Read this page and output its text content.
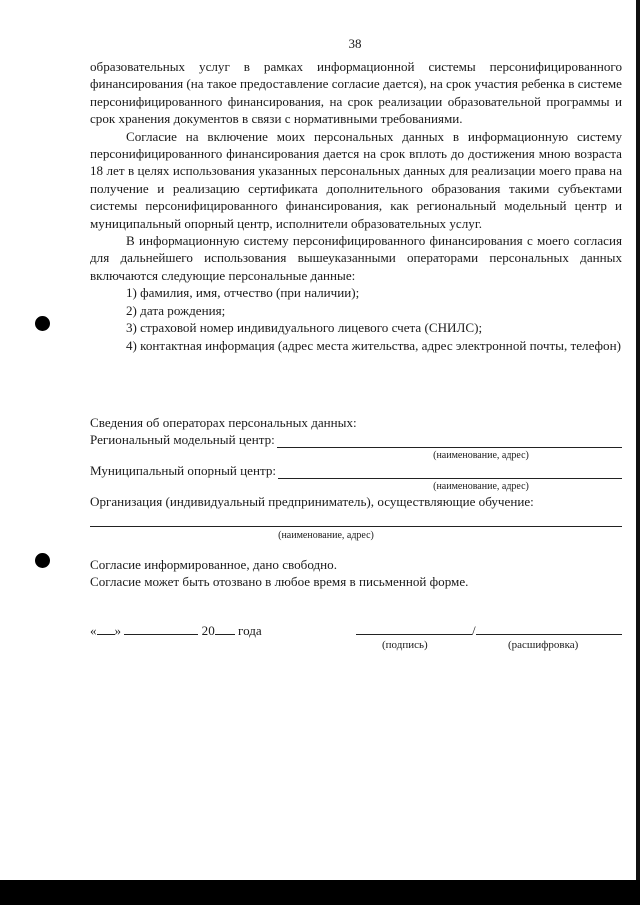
38

образовательных услуг в рамках информационной системы персонифицированного финансирования (на такое предоставление согласие дается), на срок участия ребенка в системе персонифицированного финансирования, на срок реализации образовательной программы и срок хранения документов в связи с нормативными требованиями.

Согласие на включение моих персональных данных в информационную систему персонифицированного финансирования дается на срок вплоть до достижения мною возраста 18 лет в целях использования указанных персональных данных для реализации моего права на получение и реализацию сертификата дополнительного образования такими субъектами системы персонифицированного финансирования, как региональный модельный центр и муниципальный опорный центр, исполнители образовательных услуг.

В информационную систему персонифицированного финансирования с моего согласия для дальнейшего использования вышеуказанными операторами персональных данных включаются следующие персональные данные:

1) фамилия, имя, отчество (при наличии);

2) дата рождения;

3) страховой номер индивидуального лицевого счета (СНИЛС);

4) контактная информация (адрес места жительства, адрес электронной почты, телефон)

Сведения об операторах персональных данных:
Региональный модельный центр:
(наименование, адрес)
Муниципальный опорный центр:
(наименование, адрес)
Организация (индивидуальный предприниматель), осуществляющие обучение:
(наименование, адрес)
Согласие информированное, дано свободно.
Согласие может быть отозвано в любое время в письменной форме.
« »	20 года	/
(подпись)	(расшифровка)
